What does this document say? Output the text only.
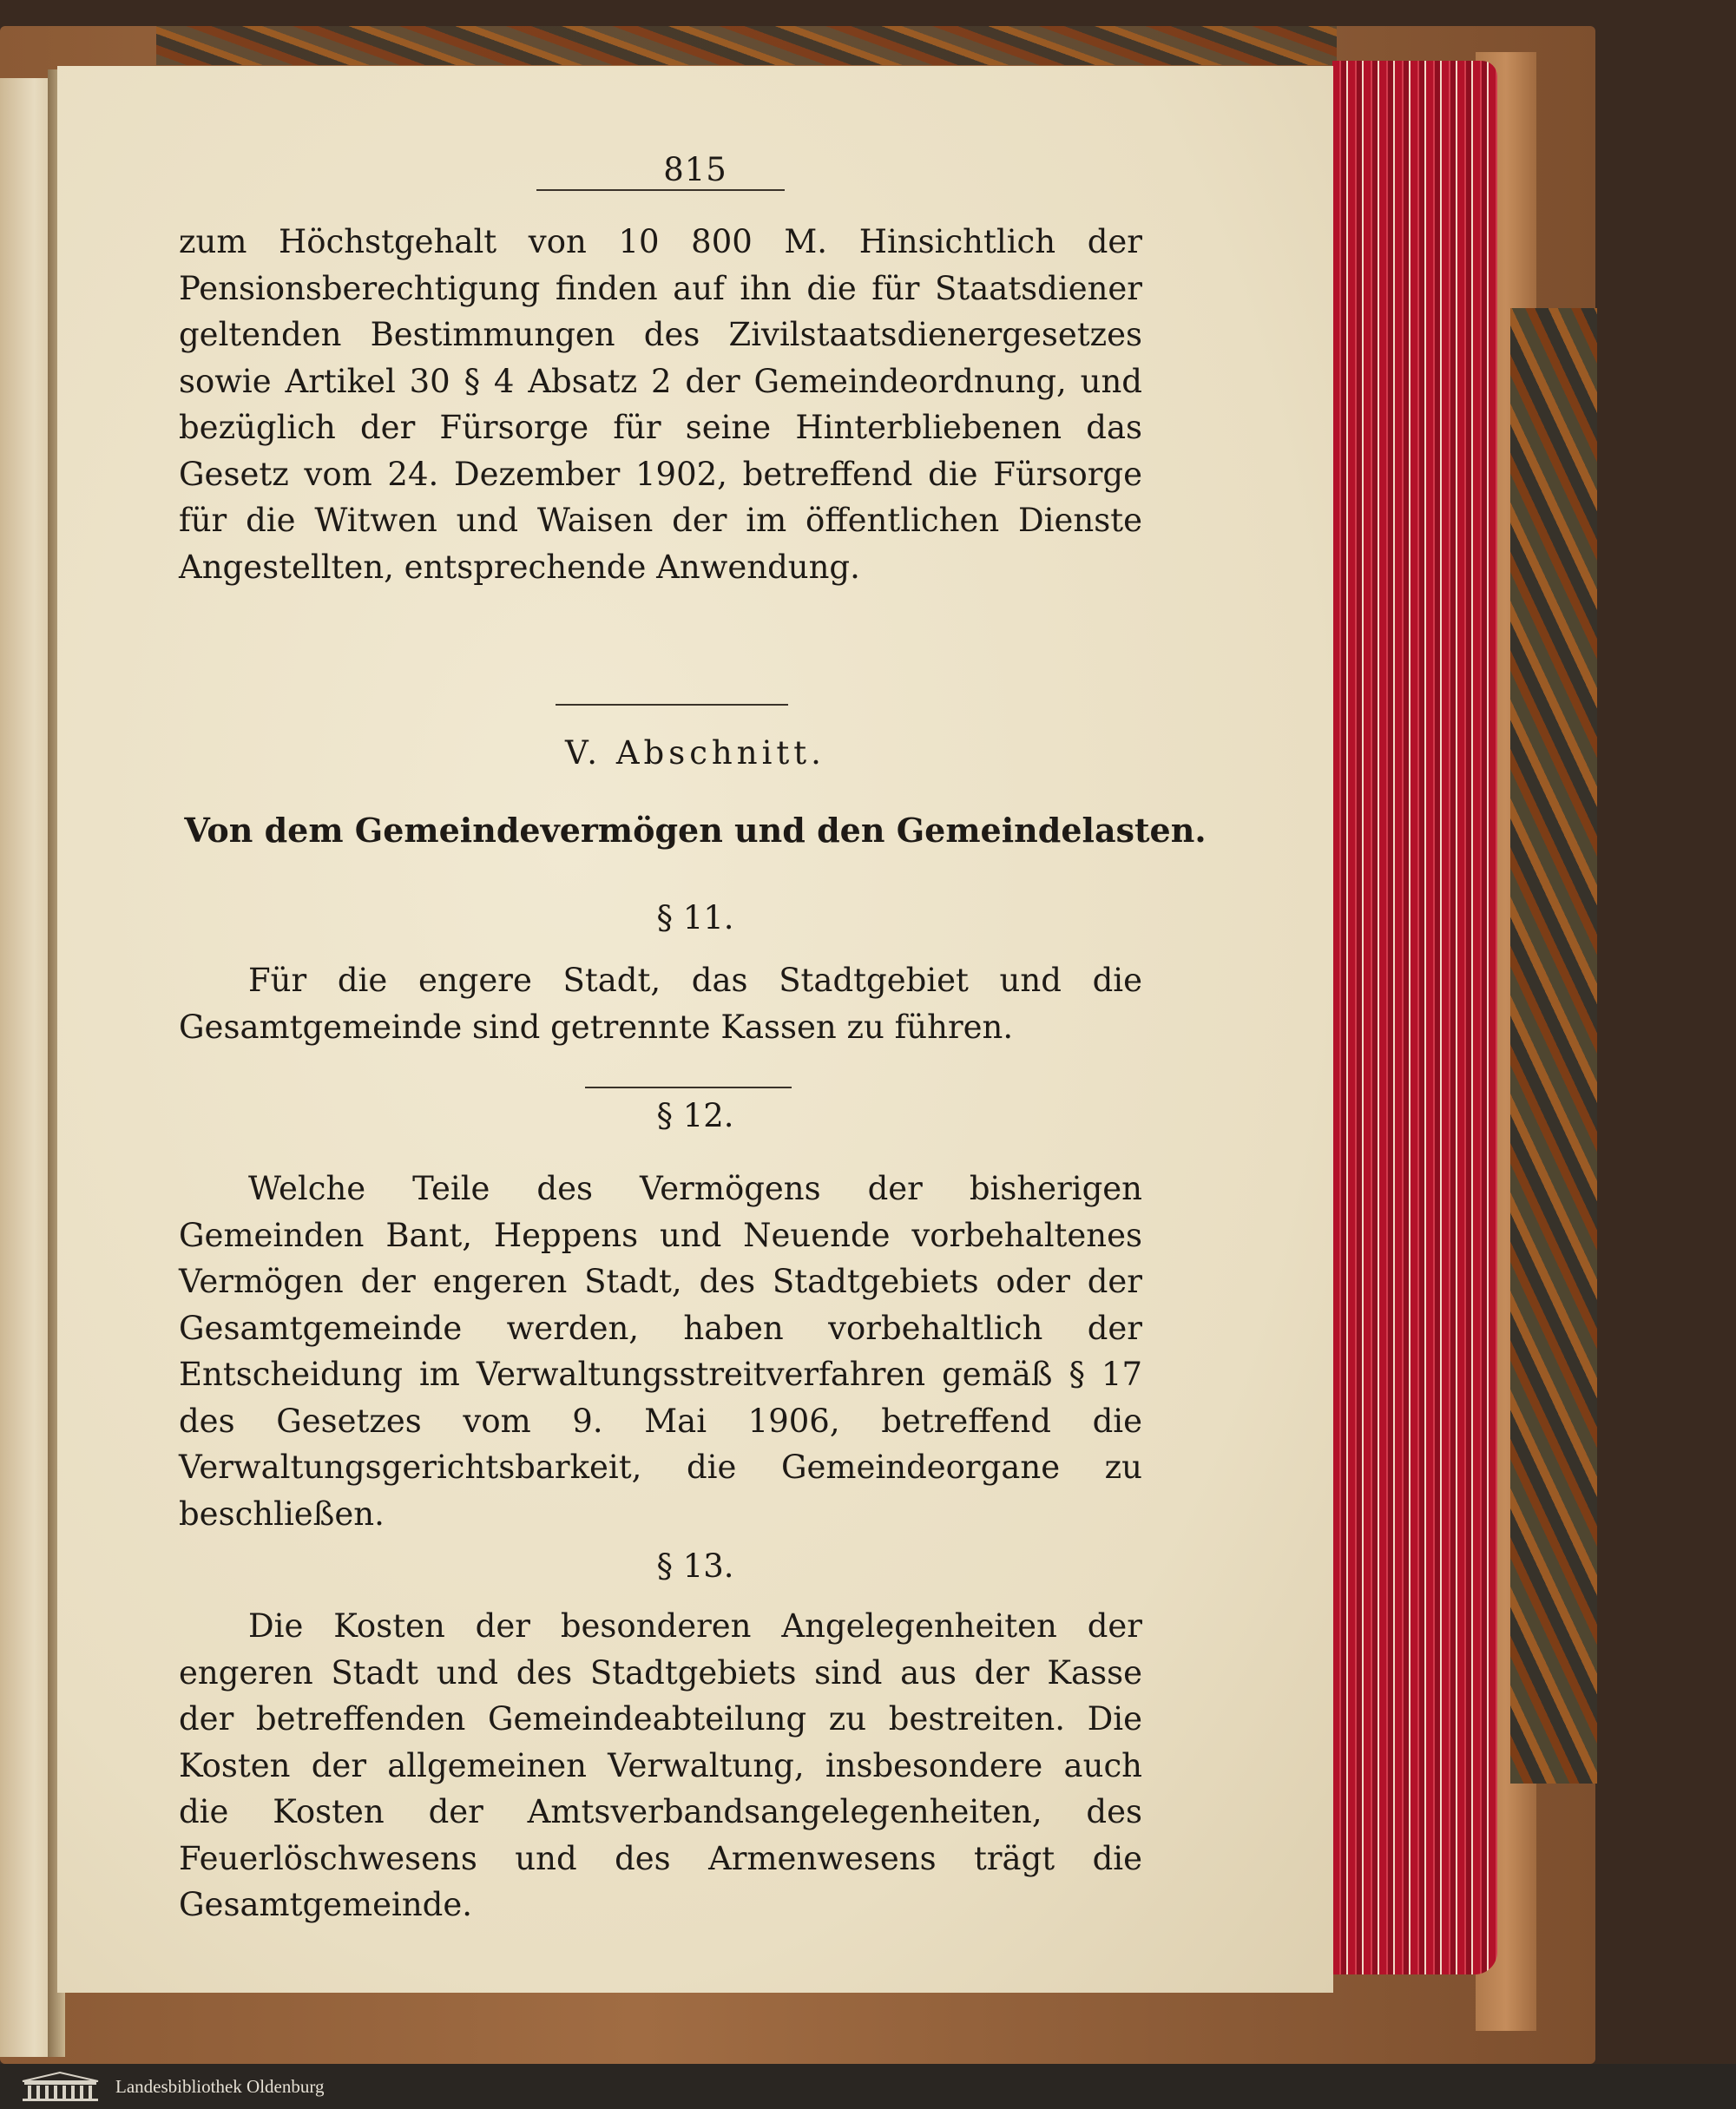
815

zum Höchstgehalt von 10 800 M. Hinsichtlich der Pensionsberechtigung finden auf ihn die für Staatsdiener geltenden Bestimmungen des Zivilstaatsdienergesetzes sowie Artikel 30 § 4 Absatz 2 der Gemeindeordnung, und bezüglich der Fürsorge für seine Hinterbliebenen das Gesetz vom 24. Dezember 1902, betreffend die Fürsorge für die Witwen und Waisen der im öffentlichen Dienste Angestellten, entsprechende Anwendung.

V. Abschnitt.
Von dem Gemeindevermögen und den Gemeindelasten.
§ 11.

Für die engere Stadt, das Stadtgebiet und die Gesamtgemeinde sind getrennte Kassen zu führen.

§ 12.

Welche Teile des Vermögens der bisherigen Gemeinden Bant, Heppens und Neuende vorbehaltenes Vermögen der engeren Stadt, des Stadtgebiets oder der Gesamtgemeinde werden, haben vorbehaltlich der Entscheidung im Verwaltungsstreitverfahren gemäß § 17 des Gesetzes vom 9. Mai 1906, betreffend die Verwaltungsgerichtsbarkeit, die Gemeindeorgane zu beschließen.

§ 13.

Die Kosten der besonderen Angelegenheiten der engeren Stadt und des Stadtgebiets sind aus der Kasse der betreffenden Gemeindeabteilung zu bestreiten. Die Kosten der allgemeinen Verwaltung, insbesondere auch die Kosten der Amtsverbandsangelegenheiten, des Feuerlöschwesens und des Armenwesens trägt die Gesamtgemeinde.

Landesbibliothek Oldenburg
